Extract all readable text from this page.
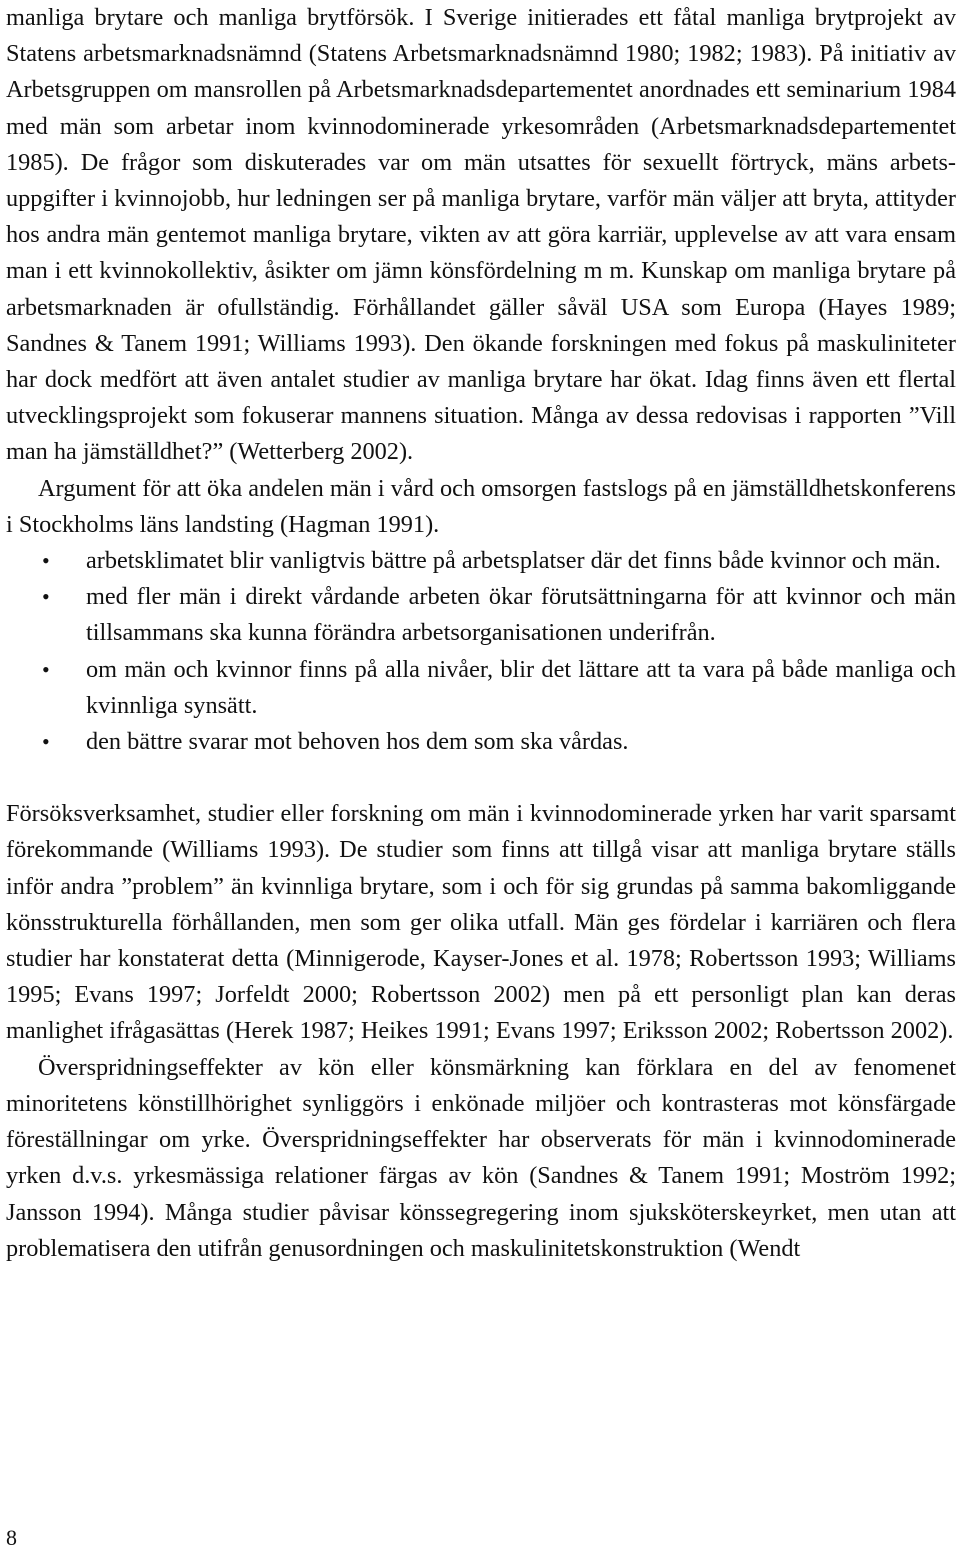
manliga brytare och manliga brytförsök. I Sverige initierades ett fåtal manliga brytprojekt av Statens arbetsmarknadsnämnd (Statens Arbetsmarknadsnämnd 1980; 1982; 1983). På initiativ av Arbetsgruppen om mansrollen på Arbetsmarknadsdepartementet anordnades ett seminarium 1984 med män som arbetar inom kvinnodominerade yrkesområden (Arbetsmarknadsdepartementet 1985). De frågor som diskuterades var om män utsattes för sexuellt förtryck, mäns arbetsuppgifter i kvinnojobb, hur ledningen ser på manliga brytare, varför män väljer att bryta, attityder hos andra män gentemot manliga brytare, vikten av att göra karriär, upplevelse av att vara ensam man i ett kvinnokollektiv, åsikter om jämn könsfördelning m m. Kunskap om manliga brytare på arbetsmarknaden är ofullständig. Förhållandet gäller såväl USA som Europa (Hayes 1989; Sandnes & Tanem 1991; Williams 1993). Den ökande forskningen med fokus på maskuliniteter har dock medfört att även antalet studier av manliga brytare har ökat. Idag finns även ett flertal utvecklingsprojekt som fokuserar mannens situation. Många av dessa redovisas i rapporten ”Vill man ha jämställdhet?” (Wetterberg 2002).

Argument för att öka andelen män i vård och omsorgen fastslogs på en jämställdhetskonferens i Stockholms läns landsting (Hagman 1991).

• arbetsklimatet blir vanligtvis bättre på arbetsplatser där det finns både kvinnor och män.
• med fler män i direkt vårdande arbeten ökar förutsättningarna för att kvinnor och män tillsammans ska kunna förändra arbetsorganisationen underifrån.
• om män och kvinnor finns på alla nivåer, blir det lättare att ta vara på både manliga och kvinnliga synsätt.
• den bättre svarar mot behoven hos dem som ska vårdas.

Försöksverksamhet, studier eller forskning om män i kvinnodominerade yrken har varit sparsamt förekommande (Williams 1993). De studier som finns att tillgå visar att manliga brytare ställs inför andra ”problem” än kvinnliga brytare, som i och för sig grundas på samma bakomliggande könsstrukturella förhållanden, men som ger olika utfall. Män ges fördelar i karriären och flera studier har konstaterat detta (Minnigerode, Kayser-Jones et al. 1978; Robertsson 1993; Williams 1995; Evans 1997; Jorfeldt 2000; Robertsson 2002) men på ett personligt plan kan deras manlighet ifrågasättas (Herek 1987; Heikes 1991; Evans 1997; Eriksson 2002; Robertsson 2002).

Överspridningseffekter av kön eller könsmärkning kan förklara en del av fenomenet minoritetens könstillhörighet synliggörs i enkönade miljöer och kontrasteras mot könsfärgade föreställningar om yrke. Överspridningseffekter har observerats för män i kvinnodominerade yrken d.v.s. yrkesmässiga relationer färgas av kön (Sandnes & Tanem 1991; Moström 1992; Jansson 1994). Många studier påvisar könssegregering inom sjuksköterskeyrket, men utan att problematisera den utifrån genusordningen och maskulinitetskonstruktion (Wendt

8
